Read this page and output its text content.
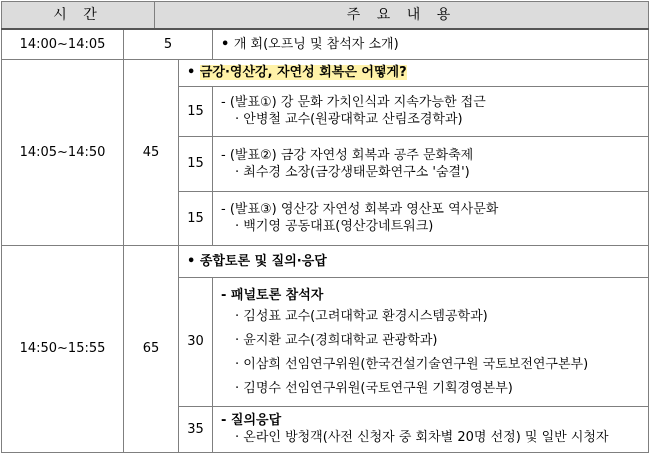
시 간		주 요 내 용		
14:00~14:05	5			• 개 회(오프닝 및 참석자 소개)
14:05~14:50	45		• 금강·영산강, 자연성 회복은 어떻게?
			15	- (발표①) 강 문화 가치인식과 지속가능한 접근
· 안병철 교수(원광대학교 산림조경학과)

			15	- (발표②) 금강 자연성 회복과 공주 문화축제
· 최수경 소장(금강생태문화연구소 '숨결')

			15	- (발표③) 영산강 자연성 회복과 영산포 역사문화
· 백기영 공동대표(영산강네트워크)

14:50~15:55	65		• 종합토론 및 질의·응답
			30	- 패널토론 참석자
· 김성표 교수(고려대학교 환경시스템공학과)
· 윤지환 교수(경희대학교 관광학과)
· 이삼희 선임연구위원(한국건설기술연구원 국토보전연구본부)
· 김명수 선임연구위원(국토연구원 기획경영본부)

			35	- 질의응답
· 온라인 방청객(사전 신청자 중 회차별 20명 선정) 및 일반 시청자
